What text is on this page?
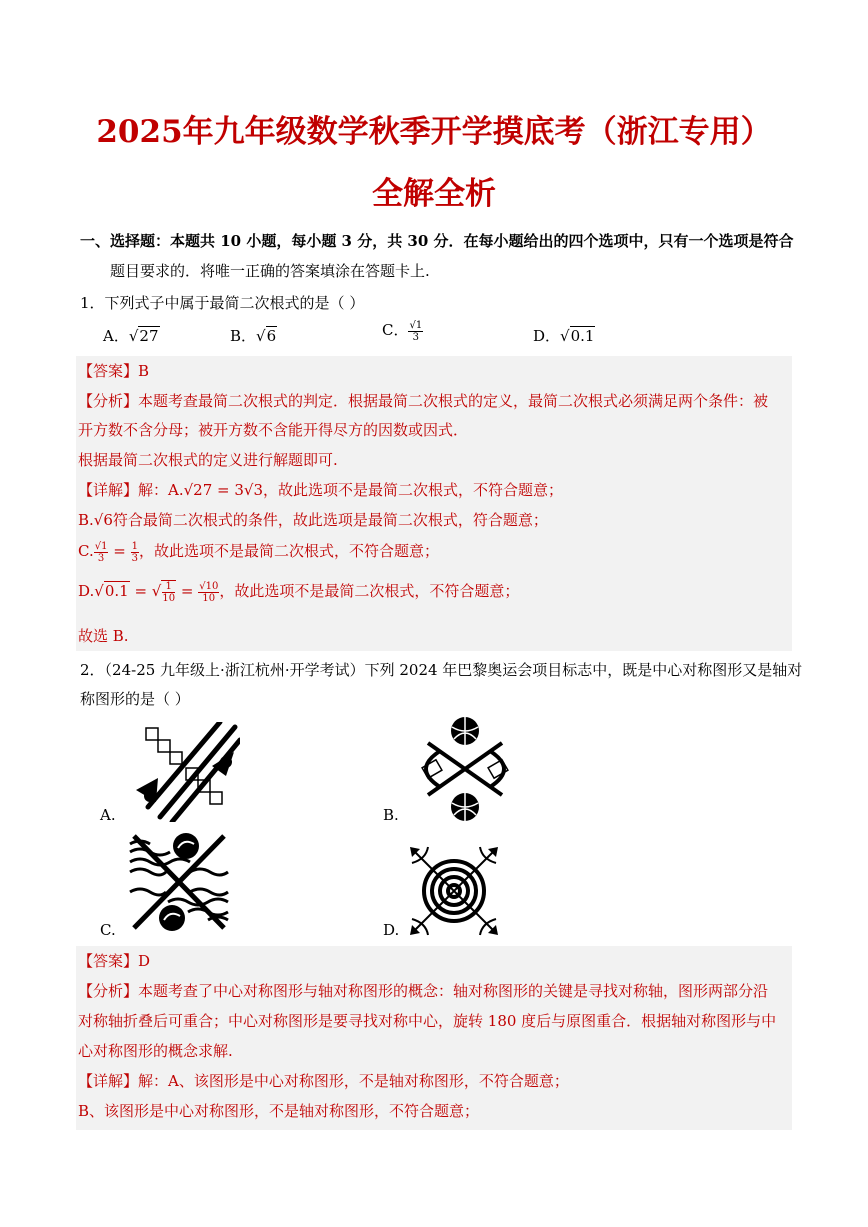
2025年九年级数学秋季开学摸底考（浙江专用）
全解全析
一、选择题：本题共 10 小题，每小题 3 分，共 30 分．在每小题给出的四个选项中，只有一个选项是符合
题目要求的．将唯一正确的答案填涂在答题卡上.
1．下列式子中属于最简二次根式的是（ ）
A．√27	B．√6	C． $\frac{√1}{3}$	D．√0.1
【答案】B
【分析】本题考查最简二次根式的判定．根据最简二次根式的定义，最简二次根式必须满足两个条件：被
开方数不含分母；被开方数不含能开得尽方的因数或因式．
根据最简二次根式的定义进行解题即可.
【详解】解：A.√27 = 3√3，故此选项不是最简二次根式，不符合题意；
B.√6符合最简二次根式的条件，故此选项是最简二次根式，符合题意；
C. $\frac{√1}{3} = \frac{1}{3}$ ，故此选项不是最简二次根式，不符合题意；
D.√0.1 = √ $\frac{1}{10} = \frac{√10}{10}$ ，故此选项不是最简二次根式，不符合题意；
故选 B.
2．（24-25 九年级上·浙江杭州·开学考试）下列 2024 年巴黎奥运会项目标志中，既是中心对称图形又是轴对
称图形的是（ ）
A.	B.
C.	D.
【答案】D
【分析】本题考查了中心对称图形与轴对称图形的概念：轴对称图形的关键是寻找对称轴，图形两部分沿
对称轴折叠后可重合；中心对称图形是要寻找对称中心，旋转 180 度后与原图重合．根据轴对称图形与中
心对称图形的概念求解.
【详解】解：A、该图形是中心对称图形，不是轴对称图形，不符合题意；
B、该图形是中心对称图形，不是轴对称图形，不符合题意；
